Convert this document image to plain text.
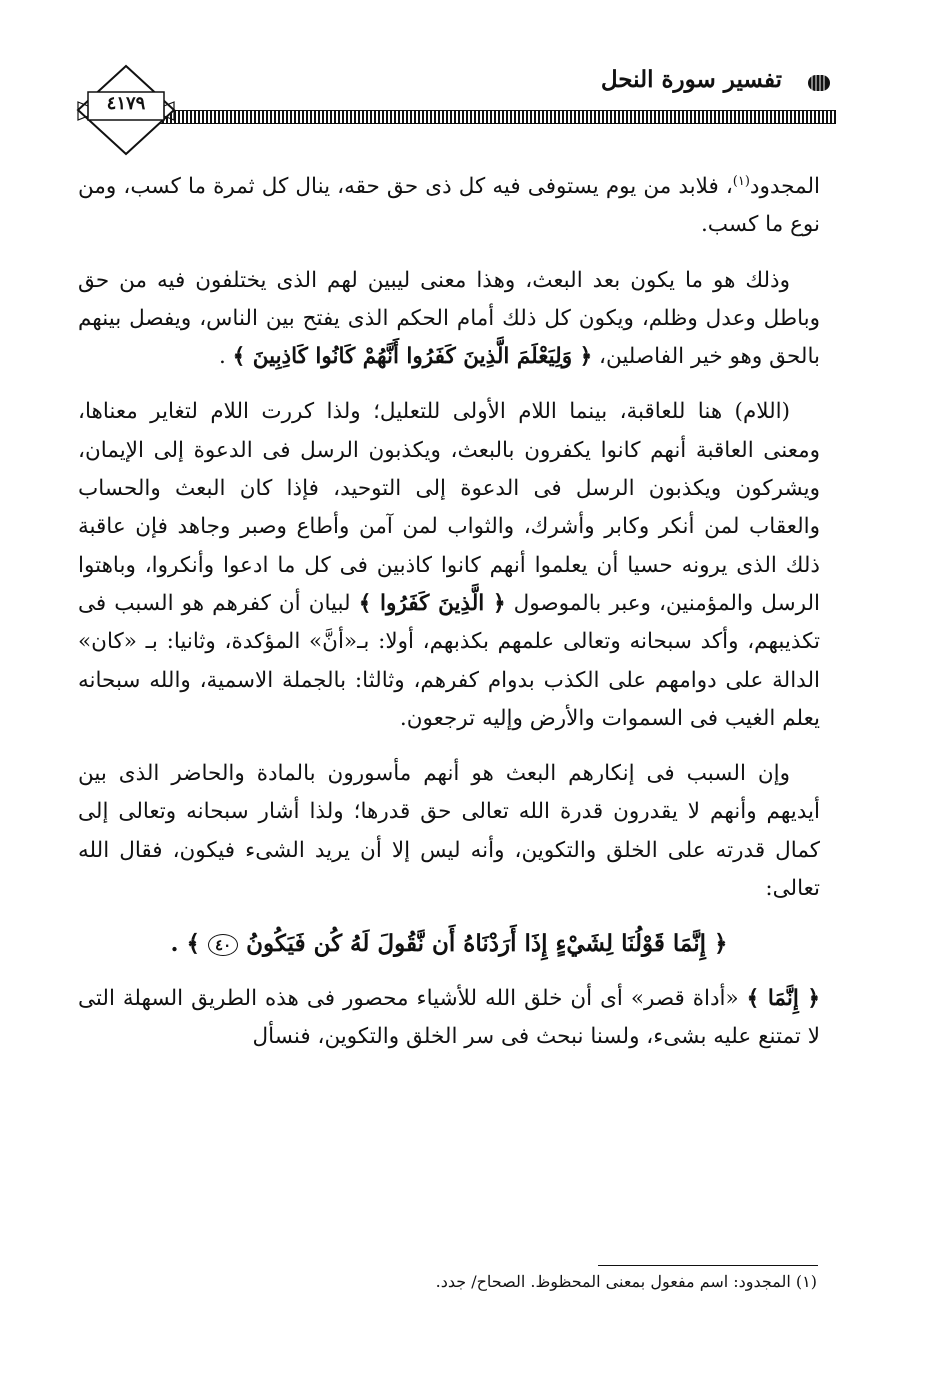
تفسير سورة النحل
٤١٧٩

المجدود$^{(١)}$، فلابد من يوم يستوفى فيه كل ذى حق حقه، ينال كل ثمرة ما كسب، ومن نوع ما كسب.

وذلك هو ما يكون بعد البعث، وهذا معنى ليبين لهم الذى يختلفون فيه من حق وباطل وعدل وظلم، ويكون كل ذلك أمام الحكم الذى يفتح بين الناس، ويفصل بينهم بالحق وهو خير الفاصلين، ﴿ وَلِيَعْلَمَ الَّذِينَ كَفَرُوا أَنَّهُمْ كَانُوا كَاذِبِينَ ﴾ .

(اللام) هنا للعاقبة، بينما اللام الأولى للتعليل؛ ولذا كررت اللام لتغاير معناها، ومعنى العاقبة أنهم كانوا يكفرون بالبعث، ويكذبون الرسل فى الدعوة إلى الإيمان، ويشركون ويكذبون الرسل فى الدعوة إلى التوحيد، فإذا كان البعث والحساب والعقاب لمن أنكر وكابر وأشرك، والثواب لمن آمن وأطاع وصبر وجاهد فإن عاقبة ذلك الذى يرونه حسيا أن يعلموا أنهم كانوا كاذبين فى كل ما ادعوا وأنكروا، وباهتوا الرسل والمؤمنين، وعبر بالموصول ﴿ الَّذِينَ كَفَرُوا ﴾ لبيان أن كفرهم هو السبب فى تكذيبهم، وأكد سبحانه وتعالى علمهم بكذبهم، أولا: بـ«أنَّ» المؤكدة، وثانيا: بـ «كان» الدالة على دوامهم على الكذب بدوام كفرهم، وثالثا: بالجملة الاسمية، والله سبحانه يعلم الغيب فى السموات والأرض وإليه ترجعون.

وإن السبب فى إنكارهم البعث هو أنهم مأسورون بالمادة والحاضر الذى بين أيديهم وأنهم لا يقدرون قدرة الله تعالى حق قدرها؛ ولذا أشار سبحانه وتعالى إلى كمال قدرته على الخلق والتكوين، وأنه ليس إلا أن يريد الشىء فيكون، فقال الله تعالى:

﴿ إِنَّمَا قَوْلُنَا لِشَيْءٍ إِذَا أَرَدْنَاهُ أَن نَّقُولَ لَهُ كُن فَيَكُونُ ٤٠ ﴾ .

﴿ إِنَّمَا ﴾ «أداة قصر» أى أن خلق الله للأشياء محصور فى هذه الطريق السهلة التى لا تمتنع عليه بشىء، ولسنا نبحث فى سر الخلق والتكوين، فنسأل

(١) المجدود: اسم مفعول بمعنى المحظوظ. الصحاح/ جدد.
